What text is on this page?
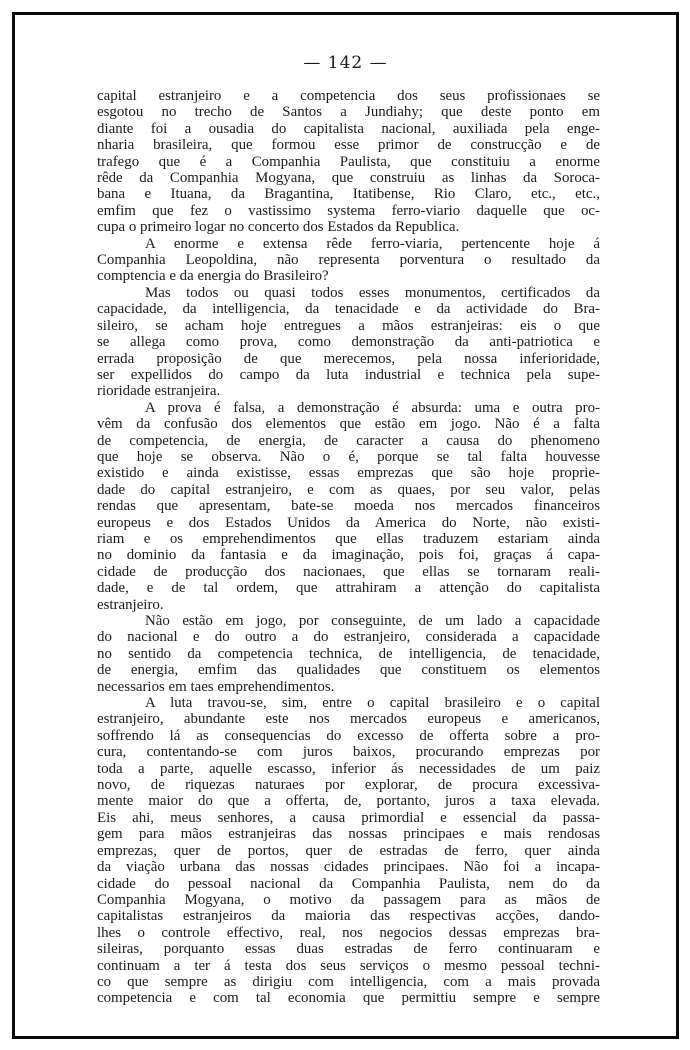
— 142 —
capital estranjeiro e a competencia dos seus profissionaes se
esgotou no trecho de Santos a Jundiahy; que deste ponto em
diante foi a ousadia do capitalista nacional, auxiliada pela enge-
nharia brasileira, que formou esse primor de construcção e de
trafego que é a Companhia Paulista, que constituiu a enorme
rêde da Companhia Mogyana, que construiu as linhas da Soroca-
bana e Ituana, da Bragantina, Itatibense, Rio Claro, etc., etc.,
emfim que fez o vastissimo systema ferro-viario daquelle que oc-
cupa o primeiro logar no concerto dos Estados da Republica.
A enorme e extensa rêde ferro-viaria, pertencente hoje á
Companhia Leopoldina, não representa porventura o resultado da
comptencia e da energia do Brasileiro?
Mas todos ou quasi todos esses monumentos, certificados da
capacidade, da intelligencia, da tenacidade e da actividade do Bra-
sileiro, se acham hoje entregues a mãos estranjeiras: eis o que
se allega como prova, como demonstração da anti-patriotica e
errada proposição de que merecemos, pela nossa inferioridade,
ser expellidos do campo da luta industrial e technica pela supe-
rioridade estranjeira.
A prova é falsa, a demonstração é absurda: uma e outra pro-
vêm da confusão dos elementos que estão em jogo. Não é a falta
de competencia, de energia, de caracter a causa do phenomeno
que hoje se observa. Não o é, porque se tal falta houvesse
existido e ainda existisse, essas emprezas que são hoje proprie-
dade do capital estranjeiro, e com as quaes, por seu valor, pelas
rendas que apresentam, bate-se moeda nos mercados financeiros
europeus e dos Estados Unidos da America do Norte, não existi-
riam e os emprehendimentos que ellas traduzem estariam ainda
no dominio da fantasia e da imaginação, pois foi, graças á capa-
cidade de producção dos nacionaes, que ellas se tornaram reali-
dade, e de tal ordem, que attrahiram a attenção do capitalista
estranjeiro.
Não estão em jogo, por conseguinte, de um lado a capacidade
do nacional e do outro a do estranjeiro, considerada a capacidade
no sentido da competencia technica, de intelligencia, de tenacidade,
de energia, emfim das qualidades que constituem os elementos
necessarios em taes emprehendimentos.
A luta travou-se, sim, entre o capital brasileiro e o capital
estranjeiro, abundante este nos mercados europeus e americanos,
soffrendo lá as consequencias do excesso de offerta sobre a pro-
cura, contentando-se com juros baixos, procurando emprezas por
toda a parte, aquelle escasso, inferior ás necessidades de um paiz
novo, de riquezas naturaes por explorar, de procura excessiva-
mente maior do que a offerta, de, portanto, juros a taxa elevada.
Eis ahi, meus senhores, a causa primordial e essencial da passa-
gem para mãos estranjeiras das nossas principaes e mais rendosas
emprezas, quer de portos, quer de estradas de ferro, quer ainda
da viação urbana das nossas cidades principaes. Não foi a incapa-
cidade do pessoal nacional da Companhia Paulista, nem do da
Companhia Mogyana, o motivo da passagem para as mãos de
capitalistas estranjeiros da maioria das respectivas acções, dando-
lhes o controle effectivo, real, nos negocios dessas emprezas bra-
sileiras, porquanto essas duas estradas de ferro continuaram e
continuam a ter á testa dos seus serviços o mesmo pessoal techni-
co que sempre as dirigiu com intelligencia, com a mais provada
competencia e com tal economia que permittiu sempre e sempre
